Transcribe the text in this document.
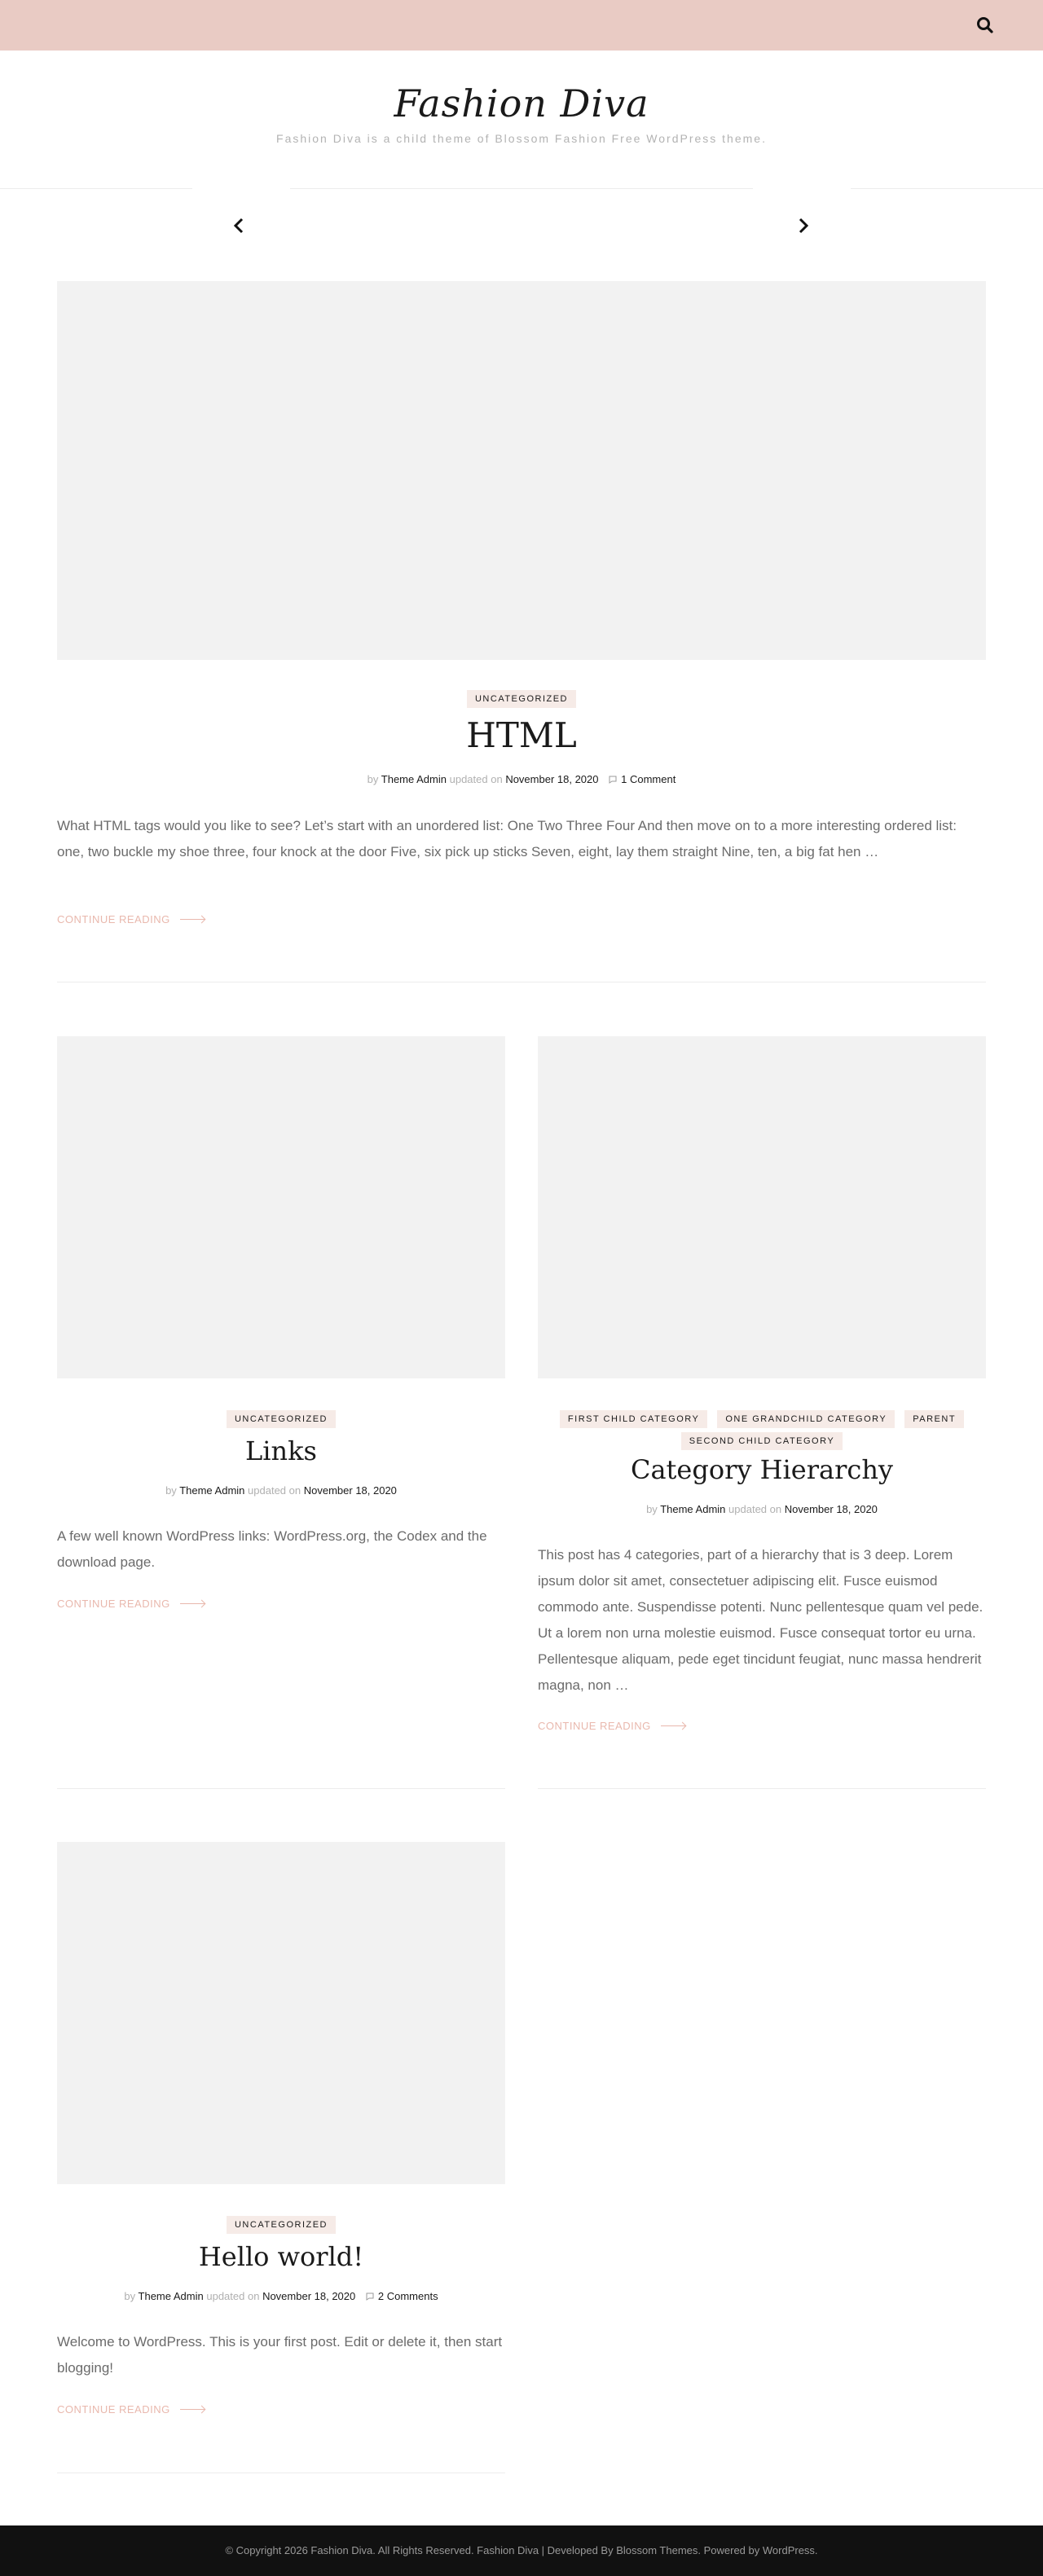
Fashion Diva
Fashion Diva is a child theme of Blossom Fashion Free WordPress theme.
UNCATEGORIZED
HTML
by Theme Admin updated on November 18, 2020 1 Comment
What HTML tags would you like to see? Let’s start with an unordered list: One Two Three Four And then move on to a more interesting ordered list: one, two buckle my shoe three, four knock at the door Five, six pick up sticks Seven, eight, lay them straight Nine, ten, a big fat hen …
CONTINUE READING
UNCATEGORIZED
Links
by Theme Admin updated on November 18, 2020
A few well known WordPress links: WordPress.org, the Codex and the download page.
CONTINUE READING
FIRST CHILD CATEGORY	ONE GRANDCHILD CATEGORY	PARENT
SECOND CHILD CATEGORY
Category Hierarchy
by Theme Admin updated on November 18, 2020
This post has 4 categories, part of a hierarchy that is 3 deep. Lorem ipsum dolor sit amet, consectetuer adipiscing elit. Fusce euismod commodo ante. Suspendisse potenti. Nunc pellentesque quam vel pede. Ut a lorem non urna molestie euismod. Fusce consequat tortor eu urna. Pellentesque aliquam, pede eget tincidunt feugiat, nunc massa hendrerit magna, non …
CONTINUE READING
UNCATEGORIZED
Hello world!
by Theme Admin updated on November 18, 2020 2 Comments
Welcome to WordPress. This is your first post. Edit or delete it, then start blogging!
CONTINUE READING
© Copyright 2026 Fashion Diva. All Rights Reserved. Fashion Diva | Developed By Blossom Themes. Powered by WordPress.
